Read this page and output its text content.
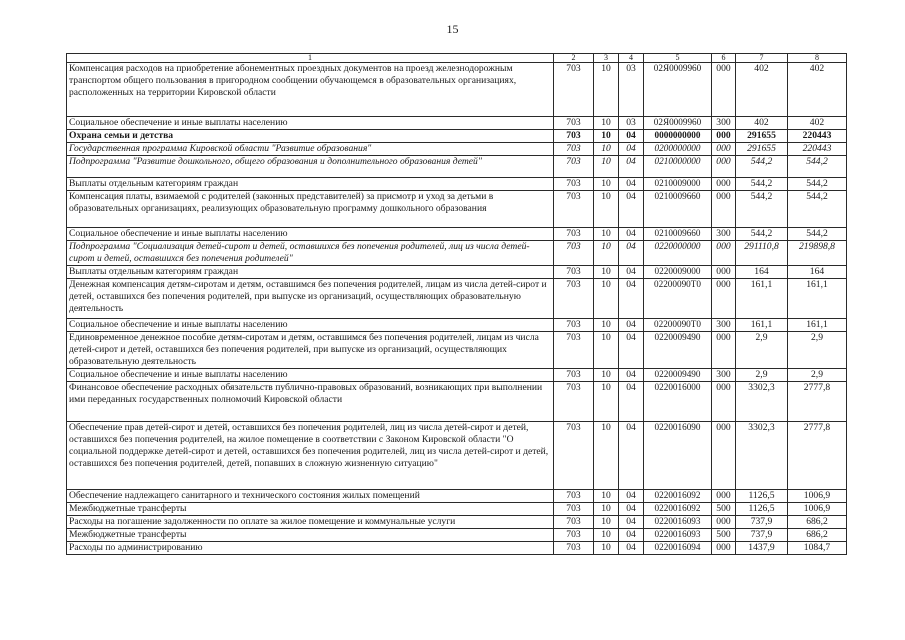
15
1	2	3	4	5	6	7	8
Компенсация расходов на приобретение абонементных проездных документов на проезд железнодорожным транспортом общего пользования в пригородном сообщении обучающемся в образовательных организациях, расположенных на территории Кировской области	703	10	03	02Я0009960	000	402	402
Социальное обеспечение и иные выплаты населению	703	10	03	02Я0009960	300	402	402
Охрана семьи и детства	703	10	04	0000000000	000	291655	220443
Государственная программа Кировской области "Развитие образования"	703	10	04	0200000000	000	291655	220443
Подпрограмма "Развитие дошкольного, общего образования и дополнительного образования детей"	703	10	04	0210000000	000	544,2	544,2
Выплаты отдельным категориям граждан	703	10	04	0210009000	000	544,2	544,2
Компенсация платы, взимаемой с родителей (законных представителей) за присмотр и уход за детьми в образовательных организациях, реализующих образовательную программу дошкольного образования	703	10	04	0210009660	000	544,2	544,2
Социальное обеспечение и иные выплаты населению	703	10	04	0210009660	300	544,2	544,2
Подпрограмма "Социализация детей-сирот и детей, оставшихся без попечения родителей, лиц из числа детей-сирот и детей, оставшихся без попечения родителей"	703	10	04	0220000000	000	291110,8	219898,8
Выплаты отдельным категориям граждан	703	10	04	0220009000	000	164	164
Денежная компенсация детям-сиротам и детям, оставшимся без попечения родителей, лицам из числа детей-сирот и детей, оставшихся без попечения родителей, при выпуске из организаций, осуществляющих образовательную деятельность	703	10	04	02200090Т0	000	161,1	161,1
Социальное обеспечение и иные выплаты населению	703	10	04	02200090Т0	300	161,1	161,1
Единовременное денежное пособие детям-сиротам и детям, оставшимся без попечения родителей, лицам из числа детей-сирот и детей, оставшихся без попечения родителей, при выпуске из организаций, осуществляющих образовательную деятельность	703	10	04	0220009490	000	2,9	2,9
Социальное обеспечение и иные выплаты населению	703	10	04	0220009490	300	2,9	2,9
Финансовое обеспечение расходных обязательств публично-правовых образований, возникающих при выполнении ими переданных государственных полномочий Кировской области	703	10	04	0220016000	000	3302,3	2777,8
Обеспечение прав детей-сирот и детей, оставшихся без попечения родителей, лиц из числа детей-сирот и детей, оставшихся без попечения родителей, на жилое помещение в соответствии с Законом Кировской области "О социальной поддержке детей-сирот и детей, оставшихся без попечения родителей, лиц из числа детей-сирот и детей, оставшихся без попечения родителей, детей, попавших в сложную жизненную ситуацию"	703	10	04	0220016090	000	3302,3	2777,8
Обеспечение надлежащего санитарного и технического состояния жилых помещений	703	10	04	0220016092	000	1126,5	1006,9
Межбюджетные трансферты	703	10	04	0220016092	500	1126,5	1006,9
Расходы на погашение задолженности по оплате за жилое помещение и коммунальные услуги	703	10	04	0220016093	000	737,9	686,2
Межбюджетные трансферты	703	10	04	0220016093	500	737,9	686,2
Расходы по администрированию	703	10	04	0220016094	000	1437,9	1084,7
